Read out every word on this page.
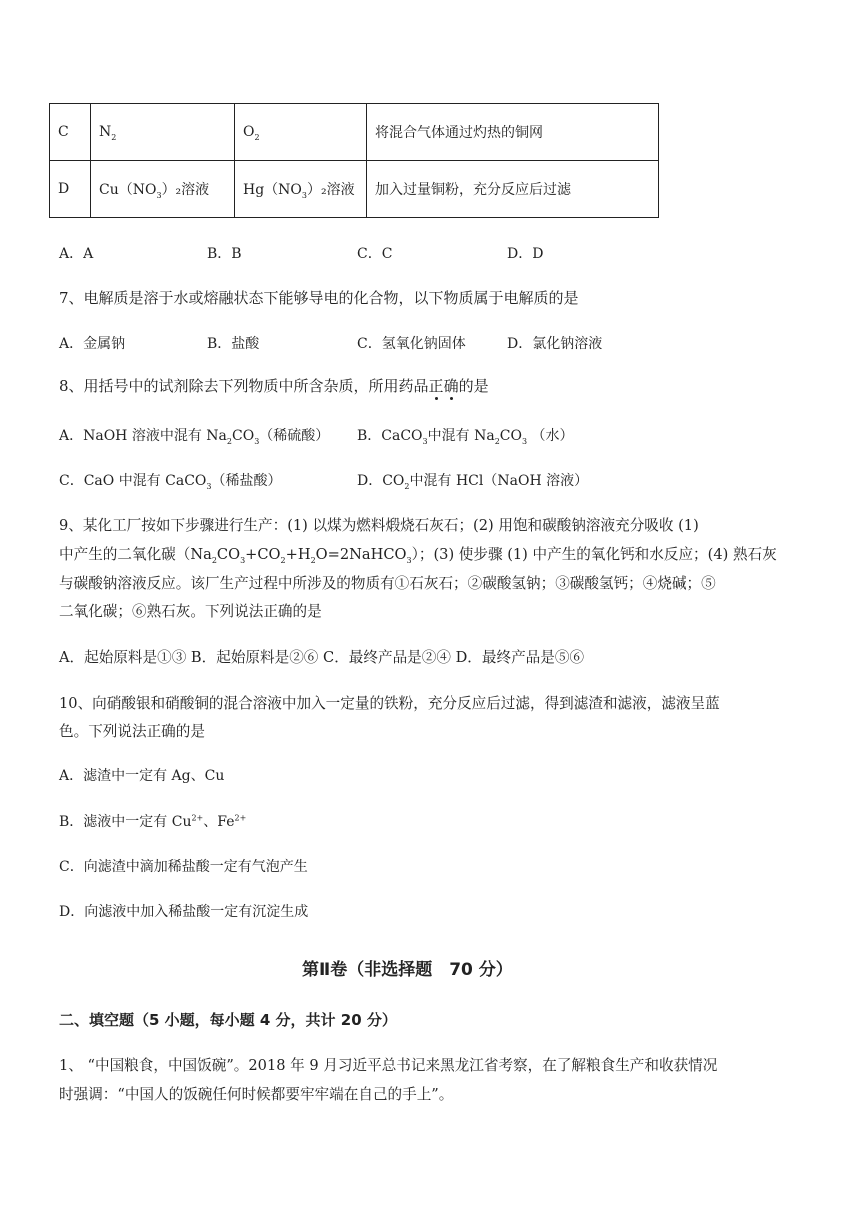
C	$N_2$	$O_2$	将混合气体通过灼热的铜网
D	$Cu(NO_3)_2$溶液	$Hg(NO_3)_2$溶液	加入过量铜粉，充分反应后过滤
A．A	B．B	C．C	D．D
7、电解质是溶于水或熔融状态下能够导电的化合物，以下物质属于电解质的是
A．金属钠	B．盐酸	C．氢氧化钠固体	D．氯化钠溶液
8、用括号中的试剂除去下列物质中所含杂质，所用药品正确的是
A．NaOH 溶液中混有 $Na_2CO_3$（稀硫酸） B．CaCO$_3$中混有 $Na_2CO_3$ （水）
C．CaO 中混有 CaCO$_3$（稀盐酸）	D．$CO_2$中混有 HCl（NaOH 溶液）
9、某化工厂按如下步骤进行生产：(1) 以煤为燃料煅烧石灰石；(2) 用饱和碳酸钠溶液充分吸收 (1)
中产生的二氧化碳$(Na_2CO_3+CO_2+H_2O=2NaHCO_3)$；(3) 使步骤 (1) 中产生的氧化钙和水反应；(4) 熟石灰
与碳酸钠溶液反应。该厂生产过程中所涉及的物质有①石灰石；②碳酸氢钠；③碳酸氢钙；④烧碱；⑤
二氧化碳；⑥熟石灰。下列说法正确的是
A．起始原料是①③ B．起始原料是②⑥ C．最终产品是②④ D．最终产品是⑤⑥
10、向硝酸银和硝酸铜的混合溶液中加入一定量的铁粉，充分反应后过滤，得到滤渣和滤液，滤液呈蓝
色。下列说法正确的是
A．滤渣中一定有 Ag、Cu
B．滤液中一定有 $Cu^{2+}$、$Fe^{2+}$
C．向滤渣中滴加稀盐酸一定有气泡产生
D．向滤液中加入稀盐酸一定有沉淀生成
第Ⅱ卷（非选择题　70 分）
二、填空题（5 小题，每小题 4 分，共计 20 分）
1、 “中国粮食，中国饭碗”。2018 年 9 月习近平总书记来黑龙江省考察，在了解粮食生产和收获情况
时强调：“中国人的饭碗任何时候都要牢牢端在自己的手上”。
